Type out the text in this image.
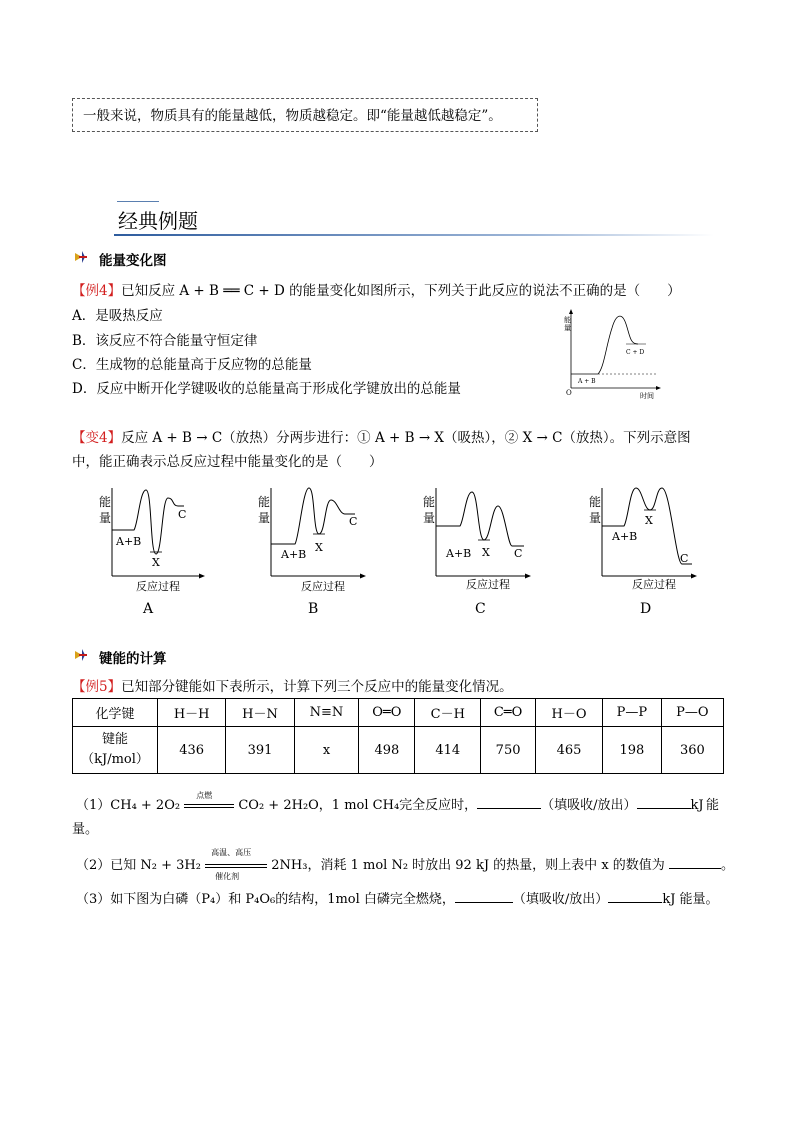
一般来说，物质具有的能量越低，物质越稳定。即“能量越低越稳定”。
经典例题
能量变化图
【例4】已知反应 A + B ══ C + D 的能量变化如图所示，下列关于此反应的说法不正确的是（　　）
A．是吸热反应
B．该反应不符合能量守恒定律
C．生成物的总能量高于反应物的总能量
D．反应中断开化学键吸收的总能量高于形成化学键放出的总能量
能
量
O	时间
A + B
C + D
【变4】反应 A + B → C（放热）分两步进行：① A + B → X（吸热），② X → C（放热）。下列示意图
中，能正确表示总反应过程中能量变化的是（　　）
能
量
A+B
X
C
反应过程
A
能
量
A+B
X
C
反应过程
B
能
量
A+B X C
反应过程
C
能
量
A+B
X
C
反应过程
D
键能的计算
【例5】已知部分键能如下表所示，计算下列三个反应中的能量变化情况。
化学键	H－H	H－N	N≡N	O═O	C－H	C═O	H－O	P—P	P—O

键能
（kJ/mol）	436	391	x	498	414	750	465	198	360
（1）CH₄ + 2O₂
点燃
CO₂ + 2H₂O，1 mol CH₄完全反应时，	（填吸收/放出）	kJ 能
量。
（2）已知 N₂ + 3H₂
高温、高压
催化剂
2NH₃，消耗 1 mol N₂ 时放出 92 kJ 的热量，则上表中 x 的数值为	。
（3）如下图为白磷（P₄）和 P₄O₆的结构，1mol 白磷完全燃烧，	（填吸收/放出）	kJ 能量。
